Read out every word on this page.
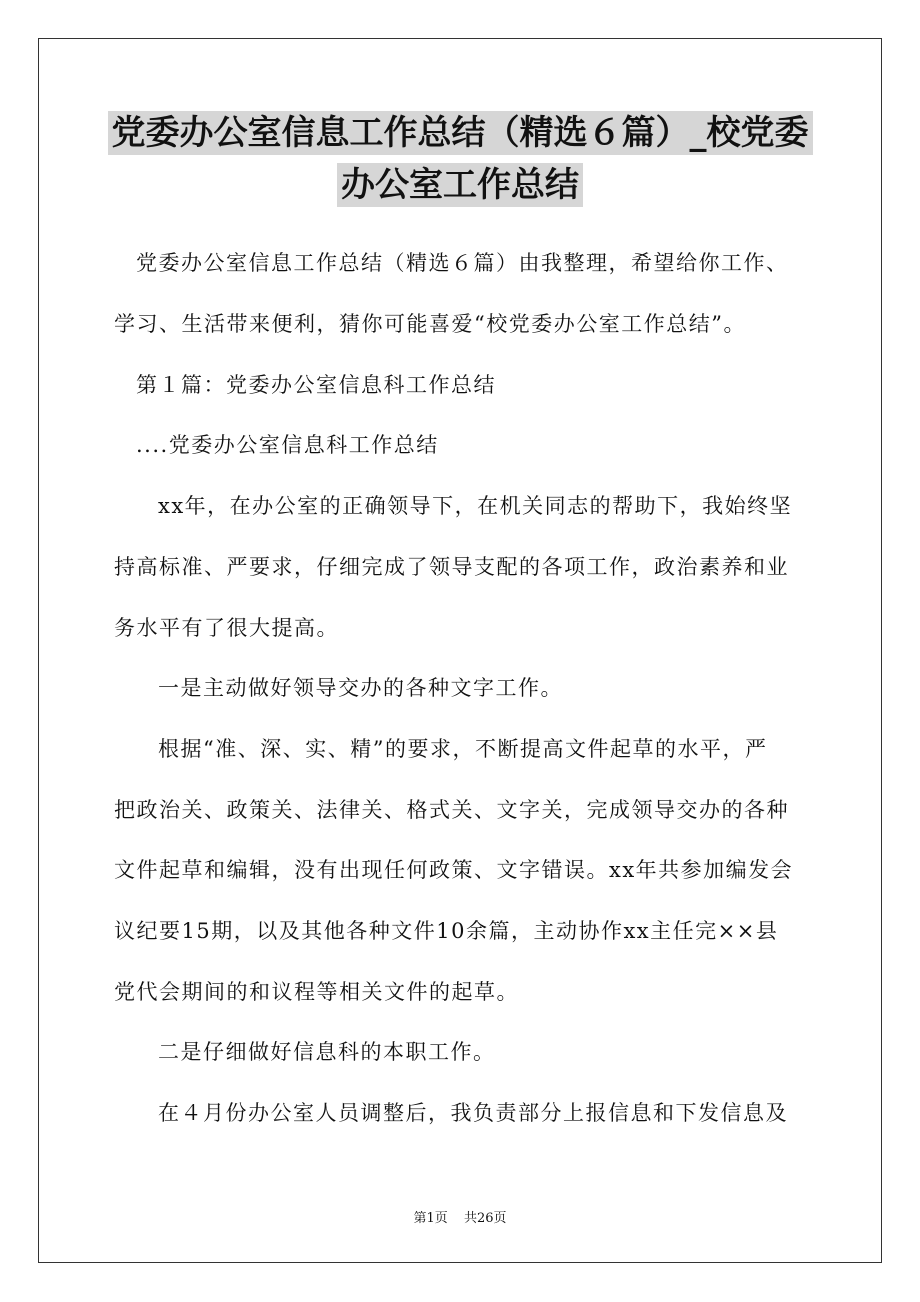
党委办公室信息工作总结（精选６篇）_校党委
办公室工作总结

党委办公室信息工作总结（精选６篇）由我整理，希望给你工作、

学习、生活带来便利，猜你可能喜爱“校党委办公室工作总结”。

第１篇：党委办公室信息科工作总结

....党委办公室信息科工作总结

xx年，在办公室的正确领导下，在机关同志的帮助下，我始终坚

持高标准、严要求，仔细完成了领导支配的各项工作，政治素养和业

务水平有了很大提高。

一是主动做好领导交办的各种文字工作。

根据“准、深、实、精”的要求，不断提高文件起草的水平，严

把政治关、政策关、法律关、格式关、文字关，完成领导交办的各种

文件起草和编辑，没有出现任何政策、文字错误。xx年共参加编发会

议纪要15期，以及其他各种文件10余篇，主动协作xx主任完××县

党代会期间的和议程等相关文件的起草。

二是仔细做好信息科的本职工作。

在４月份办公室人员调整后，我负责部分上报信息和下发信息及

第1页 共26页
